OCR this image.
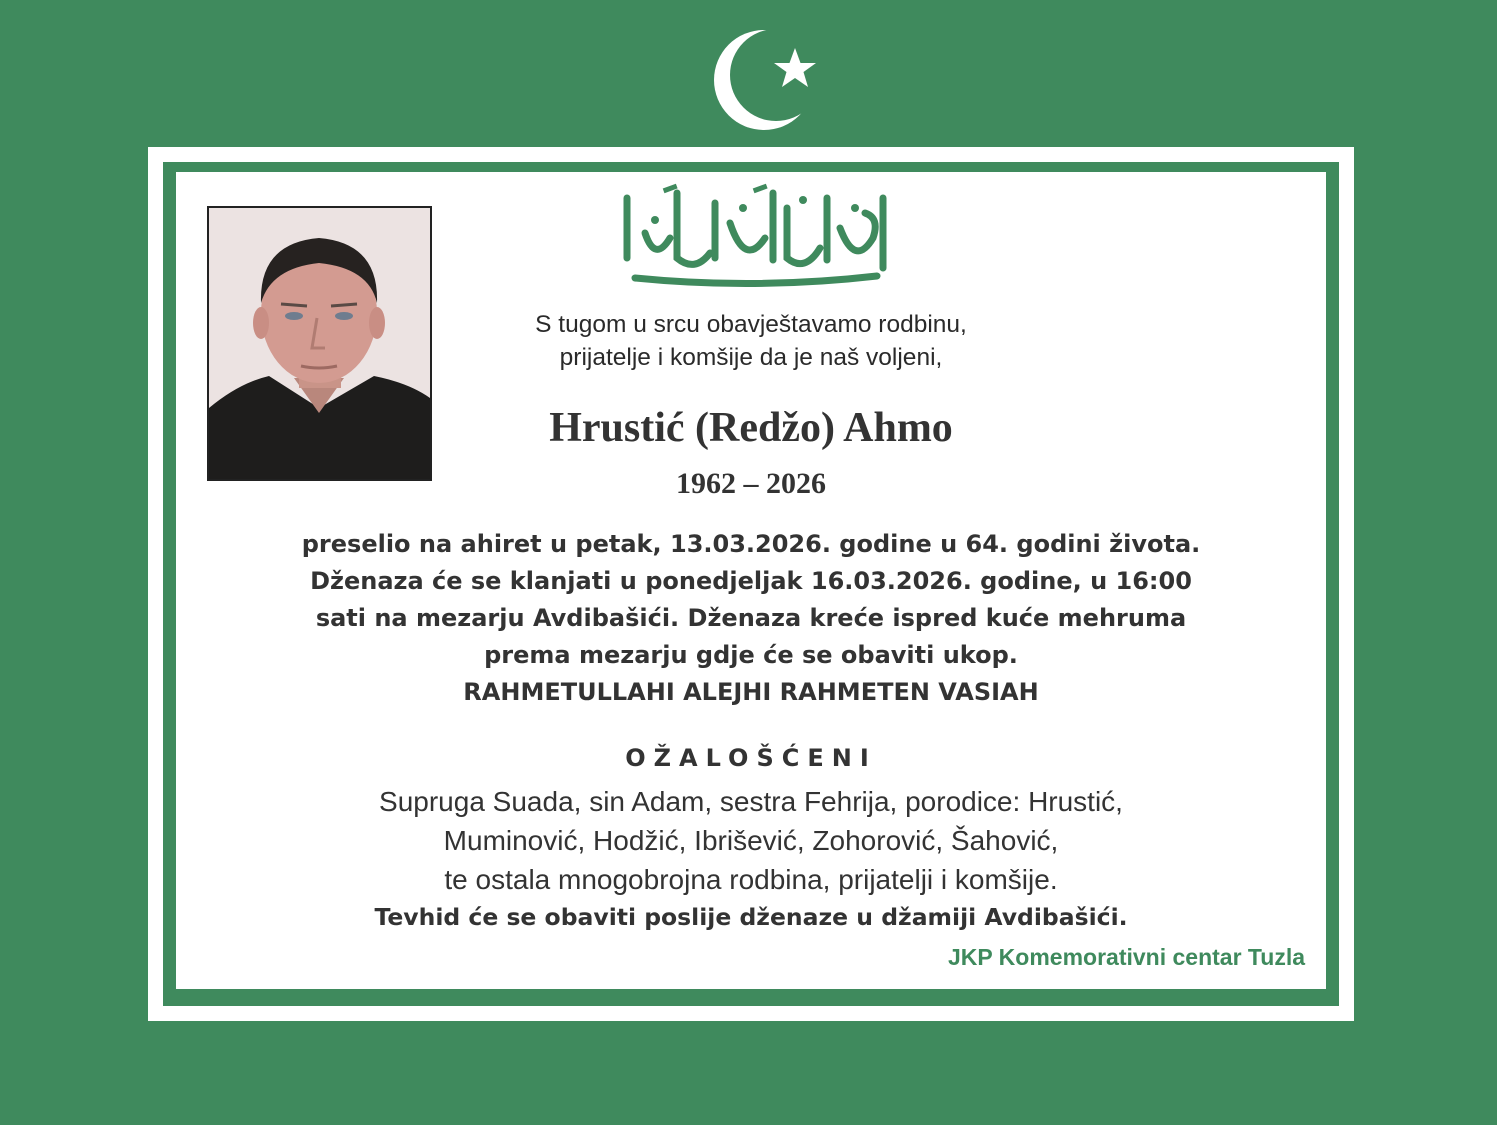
S tugom u srcu obavještavamo rodbinu,
prijatelje i komšije da je naš voljeni,
Hrustić (Redžo) Ahmo
1962 – 2026
preselio na ahiret u petak, 13.03.2026. godine u 64. godini života.
Dženaza će se klanjati u ponedjeljak 16.03.2026. godine, u 16:00
sati na mezarju Avdibašići. Dženaza kreće ispred kuće mehruma
prema mezarju gdje će se obaviti ukop.
RAHMETULLAHI ALEJHI RAHMETEN VASIAH
OŽALOŠĆENI
Supruga Suada, sin Adam, sestra Fehrija, porodice: Hrustić,
Muminović, Hodžić, Ibrišević, Zohorović, Šahović,
te ostala mnogobrojna rodbina, prijatelji i komšije.
Tevhid će se obaviti poslije dženaze u džamiji Avdibašići.
JKP Komemorativni centar Tuzla
